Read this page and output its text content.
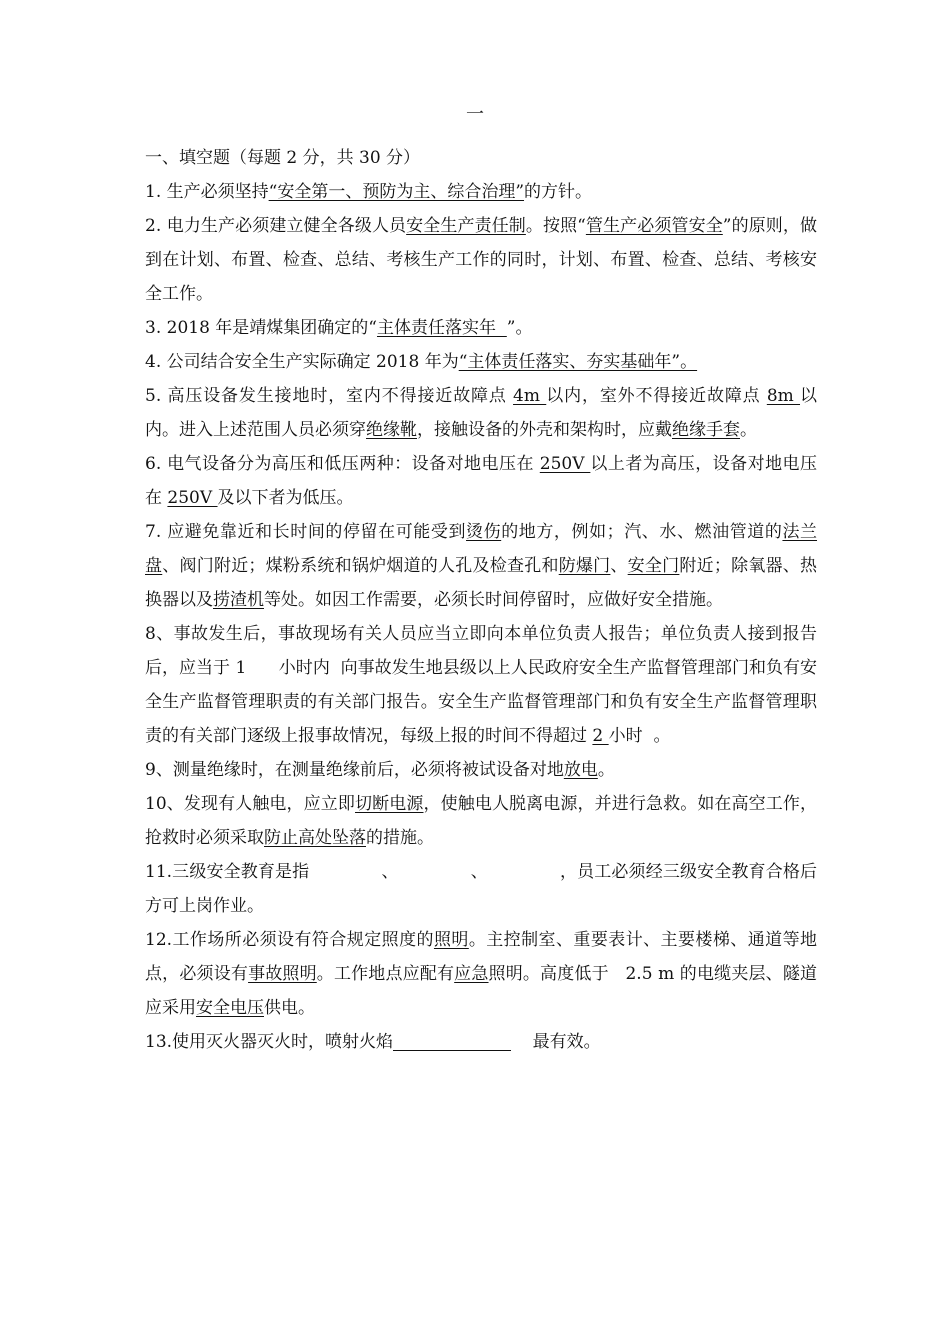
一

一、填空题（每题 2 分，共 30 分）

1. 生产必须坚持“安全第一、预防为主、综合治理”的方针。

2. 电力生产必须建立健全各级人员安全生产责任制。按照“管生产必须管安全”的原则，做到在计划、布置、检查、总结、考核生产工作的同时，计划、布置、检查、总结、考核安全工作。

3. 2018 年是靖煤集团确定的“主体责任落实年  ”。

4. 公司结合安全生产实际确定 2018 年为“主体责任落实、夯实基础年”。

5. 高压设备发生接地时，室内不得接近故障点 4m 以内，室外不得接近故障点 8m 以内。进入上述范围人员必须穿绝缘靴，接触设备的外壳和架构时，应戴绝缘手套。

6. 电气设备分为高压和低压两种：设备对地电压在 250V 以上者为高压，设备对地电压在 250V 及以下者为低压。

7. 应避免靠近和长时间的停留在可能受到烫伤的地方，例如；汽、水、燃油管道的法兰盘、阀门附近；煤粉系统和锅炉烟道的人孔及检查孔和防爆门、安全门附近；除氧器、热换器以及捞渣机等处。如因工作需要，必须长时间停留时，应做好安全措施。

8、事故发生后，事故现场有关人员应当立即向本单位负责人报告；单位负责人接到报告后，应当于 1      小时内  向事故发生地县级以上人民政府安全生产监督管理部门和负有安全生产监督管理职责的有关部门报告。安全生产监督管理部门和负有安全生产监督管理职责的有关部门逐级上报事故情况，每级上报的时间不得超过 2 小时  。

9、测量绝缘时，在测量绝缘前后，必须将被试设备对地放电。

10、发现有人触电，应立即切断电源，使触电人脱离电源，并进行急救。如在高空工作，抢救时必须采取防止高处坠落的措施。

11.三级安全教育是指             、             、             ，员工必须经三级安全教育合格后方可上岗作业。

12.工作场所必须设有符合规定照度的照明。主控制室、重要表计、主要楼梯、通道等地点，必须设有事故照明。工作地点应配有应急照明。高度低于   2.5 m 的电缆夹层、隧道应采用安全电压供电。

13.使用灭火器灭火时，喷射火焰	最有效。
